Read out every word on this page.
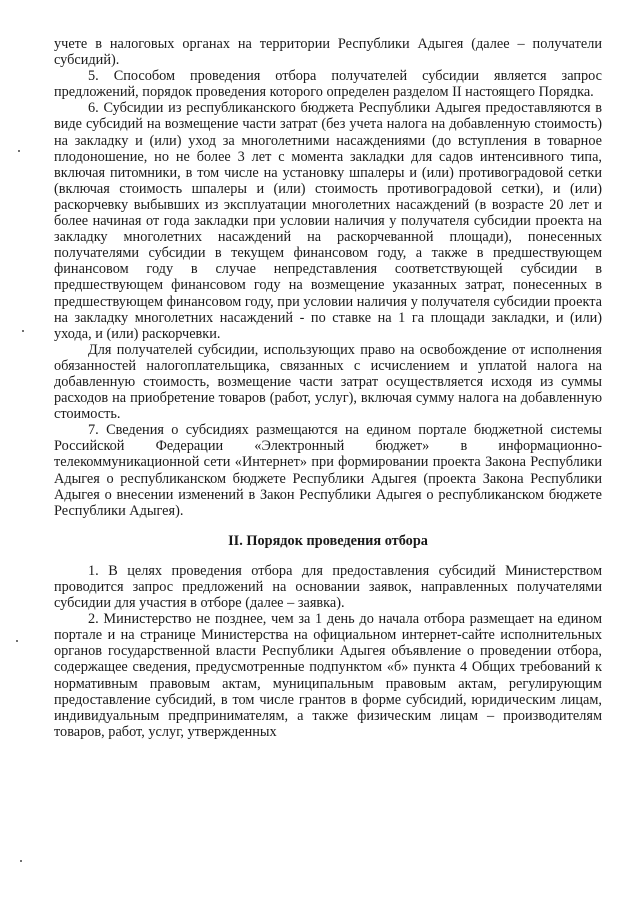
учете в налоговых органах на территории Республики Адыгея (далее – получатели субсидий).

5. Способом проведения отбора получателей субсидии является запрос предложений, порядок проведения которого определен разделом II настоящего Порядка.

6. Субсидии из республиканского бюджета Республики Адыгея предоставляются в виде субсидий на возмещение части затрат (без учета налога на добавленную стоимость) на закладку и (или) уход за многолетними насаждениями (до вступления в товарное плодоношение, но не более 3 лет с момента закладки для садов интенсивного типа, включая питомники, в том числе на установку шпалеры и (или) противоградовой сетки (включая стоимость шпалеры и (или) стоимость противоградовой сетки), и (или) раскорчевку выбывших из эксплуатации многолетних насаждений (в возрасте 20 лет и более начиная от года закладки при условии наличия у получателя субсидии проекта на закладку многолетних насаждений на раскорчеванной площади), понесенных получателями субсидии в текущем финансовом году, а также в предшествующем финансовом году в случае непредставления соответствующей субсидии в предшествующем финансовом году на возмещение указанных затрат, понесенных в предшествующем финансовом году, при условии наличия у получателя субсидии проекта на закладку многолетних насаждений - по ставке на 1 га площади закладки, и (или) ухода, и (или) раскорчевки.

Для получателей субсидии, использующих право на освобождение от исполнения обязанностей налогоплательщика, связанных с исчислением и уплатой налога на добавленную стоимость, возмещение части затрат осуществляется исходя из суммы расходов на приобретение товаров (работ, услуг), включая сумму налога на добавленную стоимость.

7. Сведения о субсидиях размещаются на едином портале бюджетной системы Российской Федерации «Электронный бюджет» в информационно-телекоммуникационной сети «Интернет» при формировании проекта Закона Республики Адыгея о республиканском бюджете Республики Адыгея (проекта Закона Республики Адыгея о внесении изменений в Закон Республики Адыгея о республиканском бюджете Республики Адыгея).

II. Порядок проведения отбора

1. В целях проведения отбора для предоставления субсидий Министерством проводится запрос предложений на основании заявок, направленных получателями субсидии для участия в отборе (далее – заявка).

2. Министерство не позднее, чем за 1 день до начала отбора размещает на едином портале и на странице Министерства на официальном интернет-сайте исполнительных органов государственной власти Республики Адыгея объявление о проведении отбора, содержащее сведения, предусмотренные подпунктом «б» пункта 4 Общих требований к нормативным правовым актам, муниципальным правовым актам, регулирующим предоставление субсидий, в том числе грантов в форме субсидий, юридическим лицам, индивидуальным предпринимателям, а также физическим лицам – производителям товаров, работ, услуг, утвержденных
